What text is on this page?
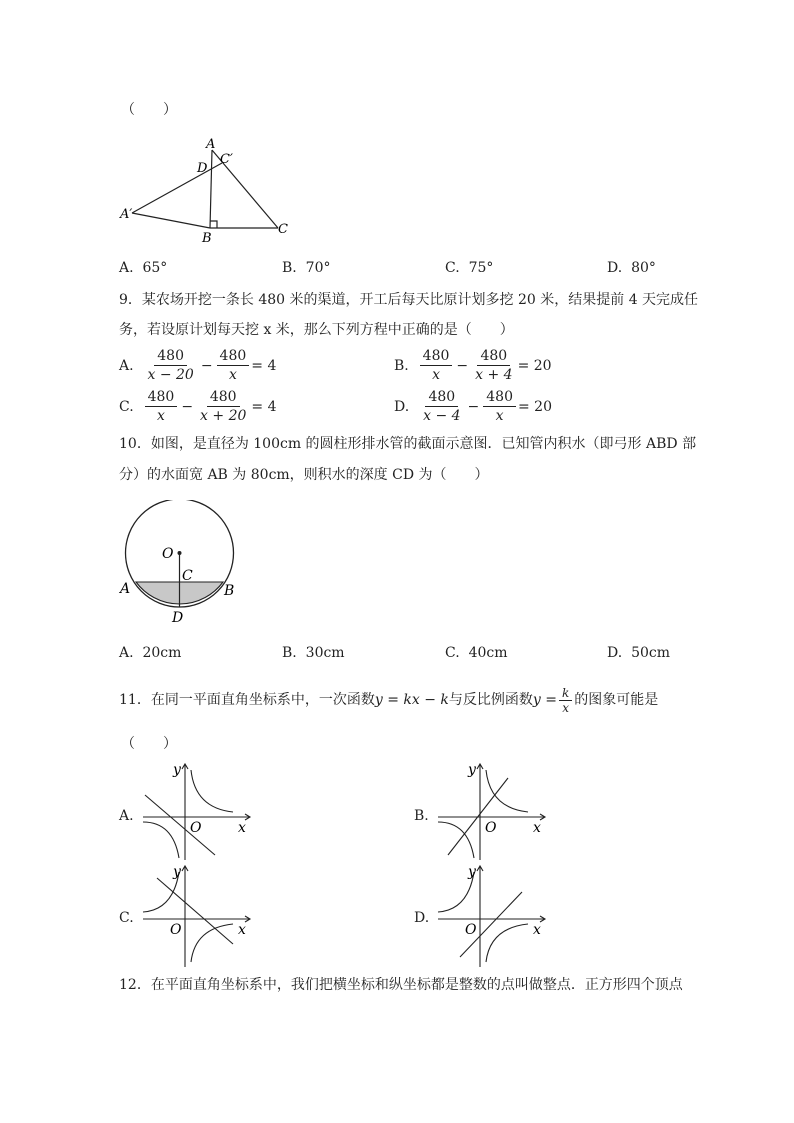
（　　）
A
C′
D
A′
B
C
A. 65°	B. 70°	C. 75°	D. 80°
9．某农场开挖一条长 480 米的渠道，开工后每天比原计划多挖 20 米，结果提前 4 天完成任
务，若设原计划每天挖 x 米，那么下列方程中正确的是（　　）
A.
$\frac{480}{x - 20} - \frac{480}{x} = 4$	B.
$\frac{480}{x} - \frac{480}{x + 4} = 20$
C.
$\frac{480}{x} - \frac{480}{x + 20} = 4$	D.
$\frac{480}{x - 4} - \frac{480}{x} = 20$
10．如图，是直径为 100cm 的圆柱形排水管的截面示意图．已知管内积水（即弓形 ABD 部
分）的水面宽 AB 为 80cm，则积水的深度 CD 为（　　）
O
C
A	B
D
A. 20cm	B. 30cm	C. 40cm	D. 50cm
11．在同一平面直角坐标系中，一次函数 y = kx − k 与反比例函数 $y = \frac{k}{x}$ 的图象可能是
（　　）
A.
y
x
O
B.
y
x
O
C.
y
x
O
D.
y
x
O
12．在平面直角坐标系中，我们把横坐标和纵坐标都是整数的点叫做整点．正方形四个顶点
